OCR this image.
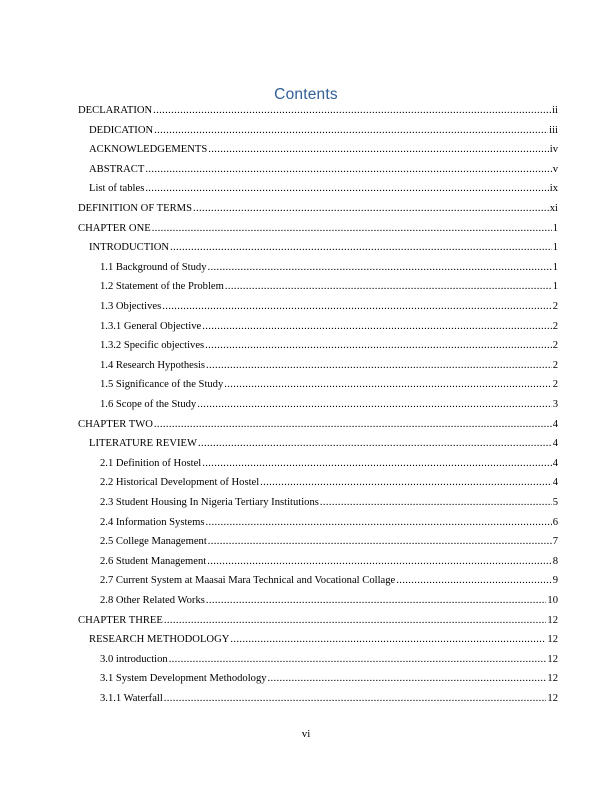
Contents
DECLARATION .....	ii
DEDICATION .....	iii
ACKNOWLEDGEMENTS .....	iv
ABSTRACT .....	v
List of tables .....	ix
DEFINITION OF TERMS .....	xi
CHAPTER ONE .....	1
INTRODUCTION .....	1
1.1 Background of Study .....	1
1.2 Statement of the Problem .....	1
1.3 Objectives .....	2
1.3.1 General Objective .....	2
1.3.2 Specific objectives .....	2
1.4 Research Hypothesis .....	2
1.5 Significance of the Study .....	2
1.6 Scope of the Study .....	3
CHAPTER TWO .....	4
LITERATURE REVIEW .....	4
2.1 Definition of Hostel .....	4
2.2 Historical Development of Hostel .....	4
2.3 Student Housing In Nigeria Tertiary Institutions .....	5
2.4 Information Systems .....	6
2.5 College Management .....	7
2.6 Student Management .....	8
2.7 Current System at Maasai Mara Technical and Vocational Collage .....	9
2.8 Other Related Works .....	10
CHAPTER THREE .....	12
RESEARCH METHODOLOGY .....	12
3.0 introduction .....	12
3.1 System Development Methodology .....	12
3.1.1 Waterfall .....	12
vi
